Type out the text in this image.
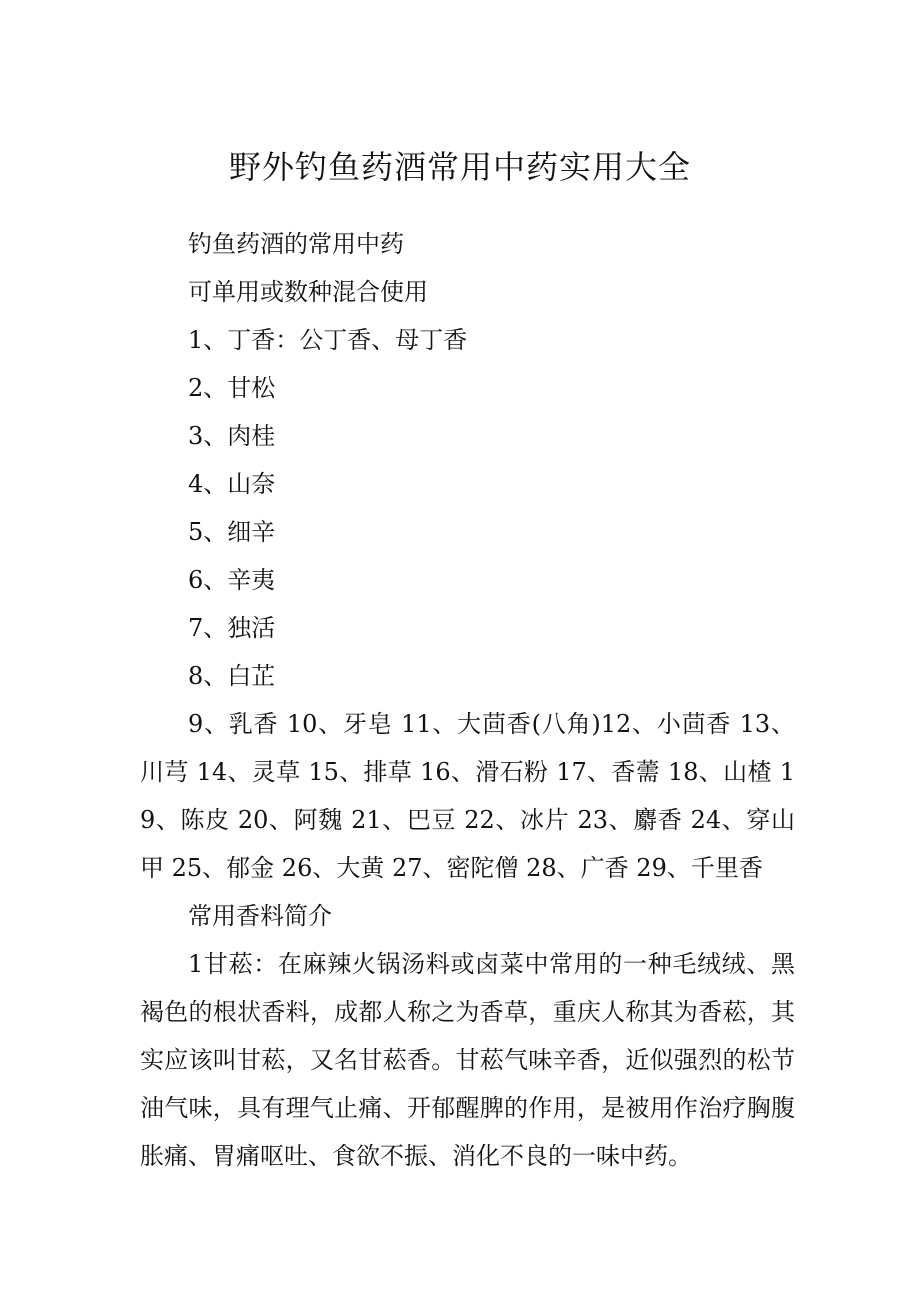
野外钓鱼药酒常用中药实用大全

钓鱼药酒的常用中药

可单用或数种混合使用

1、丁香：公丁香、母丁香

2、甘松

3、肉桂

4、山奈

5、细辛

6、辛夷

7、独活

8、白芷

9、乳香 10、牙皂 11、大茴香(八角)12、小茴香 13、川芎 14、灵草 15、排草 16、滑石粉 17、香薷 18、山楂 19、陈皮 20、阿魏 21、巴豆 22、冰片 23、麝香 24、穿山甲 25、郁金 26、大黄 27、密陀僧 28、广香 29、千里香

常用香料简介

1甘菘：在麻辣火锅汤料或卤菜中常用的一种毛绒绒、黑褐色的根状香料，成都人称之为香草，重庆人称其为香菘，其实应该叫甘菘，又名甘菘香。甘菘气味辛香，近似强烈的松节油气味，具有理气止痛、开郁醒脾的作用，是被用作治疗胸腹胀痛、胃痛呕吐、食欲不振、消化不良的一味中药。
